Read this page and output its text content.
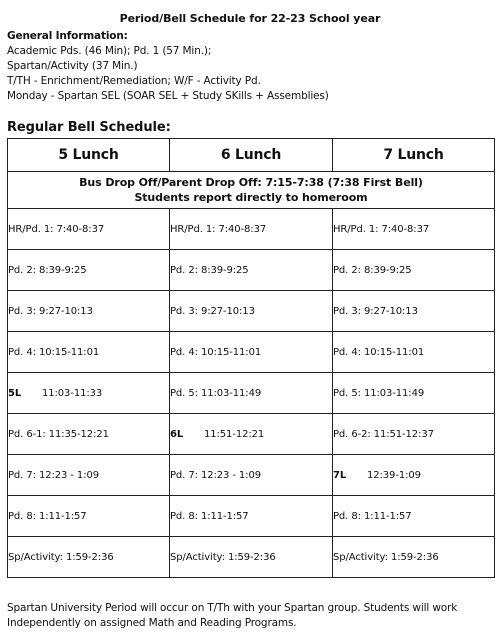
Period/Bell Schedule for 22-23 School year
General Information:
Academic Pds. (46 Min); Pd. 1 (57 Min.);
Spartan/Activity (37 Min.)
T/TH - Enrichment/Remediation; W/F - Activity Pd.
Monday - Spartan SEL (SOAR SEL + Study SKills + Assemblies)
Regular Bell Schedule:
5 Lunch	6 Lunch	7 Lunch

Bus Drop Off/Parent Drop Off: 7:15-7:38 (7:38 First Bell)
Students report directly to homeroom		

HR/Pd. 1: 7:40-8:37	HR/Pd. 1: 7:40-8:37	HR/Pd. 1: 7:40-8:37
Pd. 2: 8:39-9:25	Pd. 2: 8:39-9:25	Pd. 2: 8:39-9:25
Pd. 3: 9:27-10:13	Pd. 3: 9:27-10:13	Pd. 3: 9:27-10:13
Pd. 4: 10:15-11:01	Pd. 4: 10:15-11:01	Pd. 4: 10:15-11:01
5L 11:03-11:33	Pd. 5: 11:03-11:49	Pd. 5: 11:03-11:49
Pd. 6-1: 11:35-12:21	6L 11:51-12:21	Pd. 6-2: 11:51-12:37
Pd. 7: 12:23 - 1:09	Pd. 7: 12:23 - 1:09	7L 12:39-1:09
Pd. 8: 1:11-1:57	Pd. 8: 1:11-1:57	Pd. 8: 1:11-1:57
Sp/Activity: 1:59-2:36	Sp/Activity: 1:59-2:36	Sp/Activity: 1:59-2:36
Spartan University Period will occur on T/Th with your Spartan group. Students will work
Independently on assigned Math and Reading Programs.
